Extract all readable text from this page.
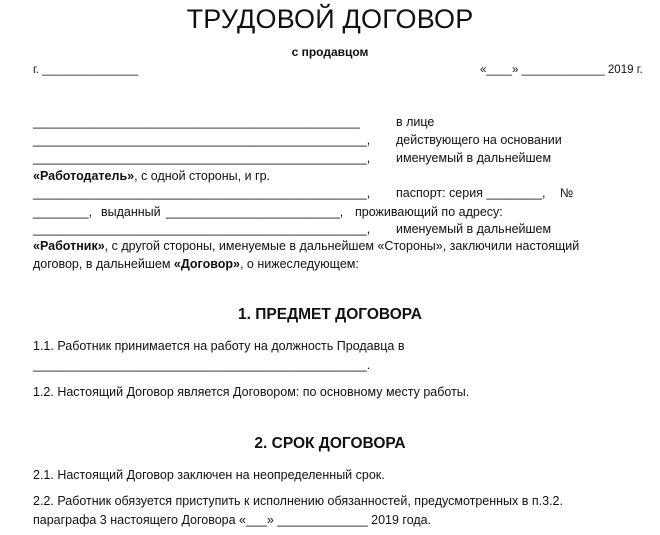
ТРУДОВОЙ ДОГОВОР
с продавцом
г. _______________	«____» _____________ 2019 г.
_______________________________________________	в лице
________________________________________________, действующего на основании
________________________________________________, именуемый в дальнейшем
«Работодатель», с одной стороны, и гр.
________________________________________________, паспорт: серия ________, №
________, выданный _________________________, проживающий по адресу:
________________________________________________, именуемый в дальнейшем
«Работник», с другой стороны, именуемые в дальнейшем «Стороны», заключили настоящий
договор, в дальнейшем «Договор», о нижеследующем:
1. ПРЕДМЕТ ДОГОВОРА
1.1. Работник принимается на работу на должность Продавца в
________________________________________________.
1.2. Настоящий Договор является Договором: по основному месту работы.
2. СРОК ДОГОВОРА
2.1. Настоящий Договор заключен на неопределенный срок.
2.2. Работник обязуется приступить к исполнению обязанностей, предусмотренных в п.3.2.
параграфа 3 настоящего Договора «___» _____________ 2019 года.
